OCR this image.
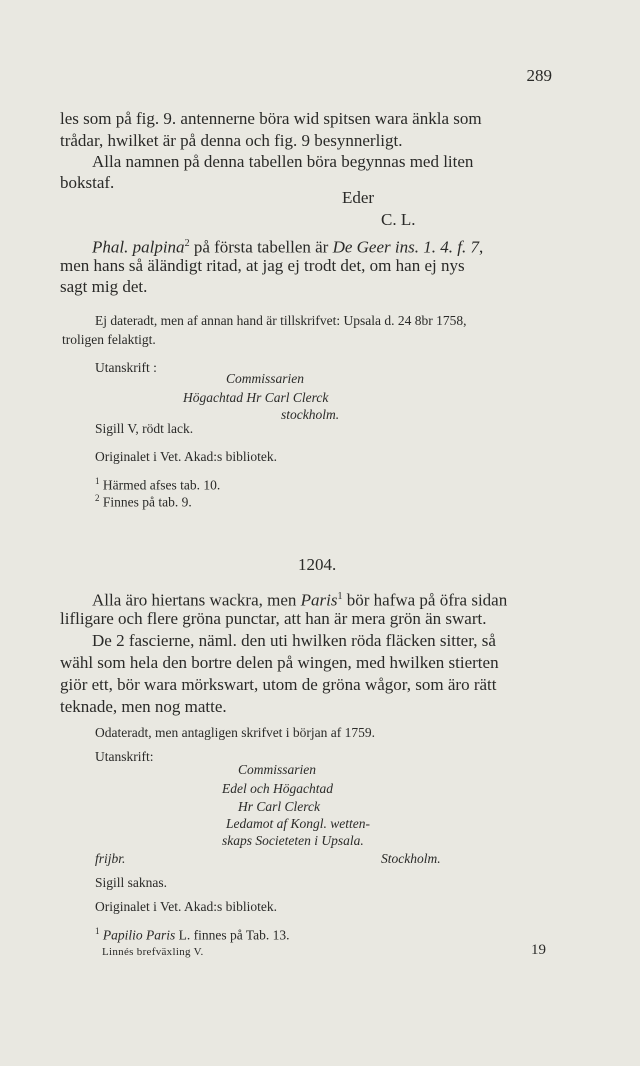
289
les som på fig. 9. antennerne böra wid spitsen wara änkla som
trådar, hwilket är på denna och fig. 9 besynnerligt.
Alla namnen på denna tabellen böra begynnas med liten
bokstaf.
Eder
C. L.
Phal. palpina$^2$ på första tabellen är De Geer ins. 1. 4. f. 7,
men hans så äländigt ritad, at jag ej trodt det, om han ej nys
sagt mig det.
Ej dateradt, men af annan hand är tillskrifvet: Upsala d. 24 8br 1758,
troligen felaktigt.
Utanskrift :
Commissarien
Högachtad Hr Carl Clerck
stockholm.
Sigill V, rödt lack.
Originalet i Vet. Akad:s bibliotek.
$^1$ Härmed afses tab. 10.
$^2$ Finnes på tab. 9.
1204.
Alla äro hiertans wackra, men Paris$^1$ bör hafwa på öfra sidan
lifligare och flere gröna punctar, att han är mera grön än swart.
De 2 fascierne, näml. den uti hwilken röda fläcken sitter, så
wähl som hela den bortre delen på wingen, med hwilken stierten
giör ett, bör wara mörkswart, utom de gröna wågor, som äro rätt
teknade, men nog matte.
Odateradt, men antagligen skrifvet i början af 1759.
Utanskrift:
Commissarien
Edel och Högachtad
Hr Carl Clerck
Ledamot af Kongl. wetten-
skaps Societeten i Upsala.
frijbr.	Stockholm.
Sigill saknas.
Originalet i Vet. Akad:s bibliotek.
$^1$ Papilio Paris L. finnes på Tab. 13.
Linnés brefväxling V.	19
